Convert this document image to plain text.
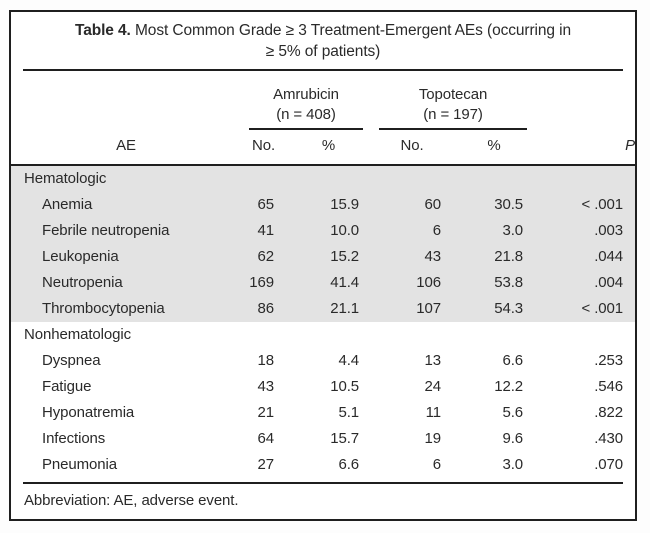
Table 4. Most Common Grade ≥ 3 Treatment-Emergent AEs (occurring in
≥ 5% of patients)

Amrubicin
(n = 408)

Topotecan
(n = 197)

AE	No.	%	No.	%	P
Hematologic					
Anemia	65	15.9	60	30.5	< .001
Febrile neutropenia	41	10.0	6	3.0	.003
Leukopenia	62	15.2	43	21.8	.044
Neutropenia	169	41.4	106	53.8	.004
Thrombocytopenia	86	21.1	107	54.3	< .001
Nonhematologic					
Dyspnea	18	4.4	13	6.6	.253
Fatigue	43	10.5	24	12.2	.546
Hyponatremia	21	5.1	11	5.6	.822
Infections	64	15.7	19	9.6	.430
Pneumonia	27	6.6	6	3.0	.070
Abbreviation: AE, adverse event.
